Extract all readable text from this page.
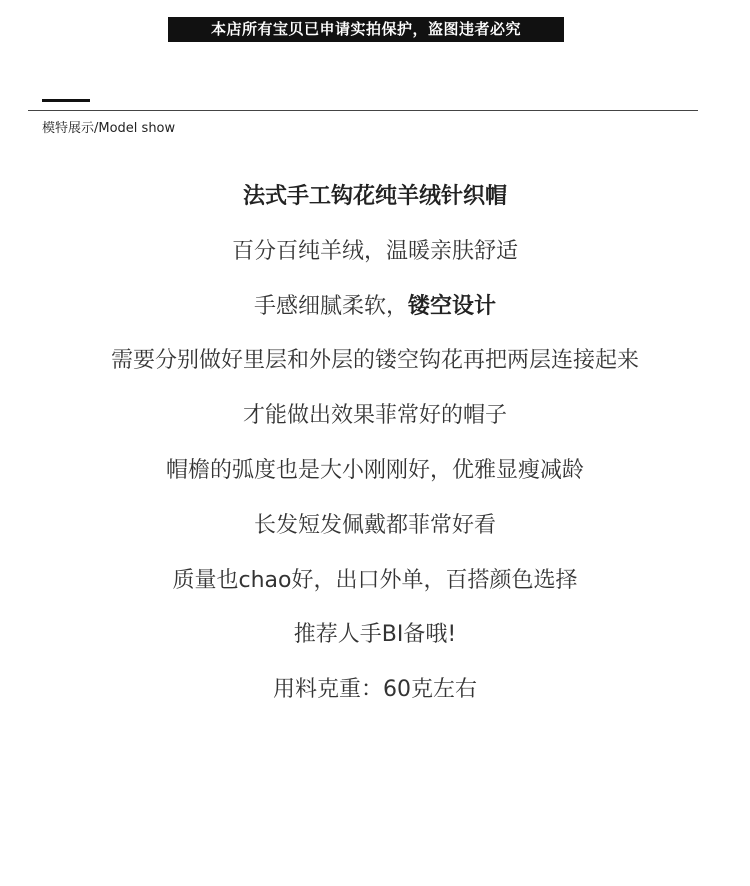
本店所有宝贝已申请实拍保护，盗图违者必究
模特展示/Model show
法式手工钩花纯羊绒针织帽
百分百纯羊绒，温暖亲肤舒适
手感细腻柔软，镂空设计
需要分别做好里层和外层的镂空钩花再把两层连接起来
才能做出效果菲常好的帽子
帽檐的弧度也是大小刚刚好，优雅显瘦减龄
长发短发佩戴都菲常好看
质量也chao好，出口外单，百搭颜色选择
推荐人手BI备哦!
用料克重：60克左右
